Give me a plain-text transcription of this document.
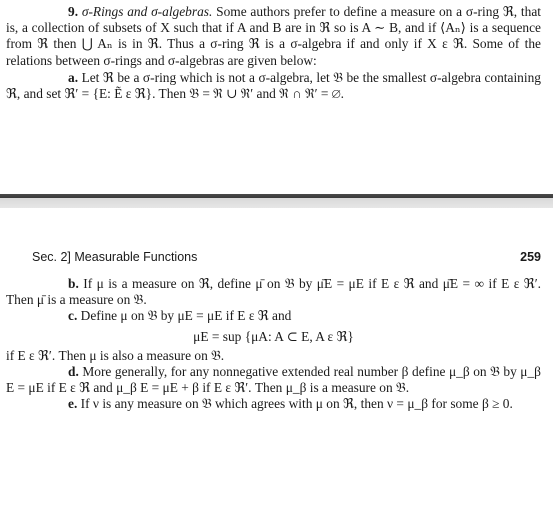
9. σ-Rings and σ-algebras. Some authors prefer to define a measure on a σ-ring ℜ, that is, a collection of subsets of X such that if A and B are in ℜ so is A ∼ B, and if ⟨Aₙ⟩ is a sequence from ℜ then ⋃ Aₙ is in ℜ. Thus a σ-ring ℜ is a σ-algebra if and only if X ε ℜ. Some of the relations between σ-rings and σ-algebras are given below:

a. Let ℜ be a σ-ring which is not a σ-algebra, let 𝔅 be the smallest σ-algebra containing ℜ, and set ℜ′ = {E: Ẽ ε ℜ}. Then 𝔅 = ℜ ∪ ℜ′ and ℜ ∩ ℜ′ = ∅.

Sec. 2] Measurable Functions	259

b. If μ is a measure on ℜ, define μ̄ on 𝔅 by μ̄E = μE if E ε ℜ and μ̄E = ∞ if E ε ℜ′. Then μ̄ is a measure on 𝔅.

c. Define μ on 𝔅 by μE = μE if E ε ℜ and

μE = sup {μA: A ⊂ E, A ε ℜ}

if E ε ℜ′. Then μ is also a measure on 𝔅.

d. More generally, for any nonnegative extended real number β define μ_β on 𝔅 by μ_β E = μE if E ε ℜ and μ_β E = μE + β if E ε ℜ′. Then μ_β is a measure on 𝔅.

e. If ν is any measure on 𝔅 which agrees with μ on ℜ, then ν = μ_β for some β ≥ 0.
